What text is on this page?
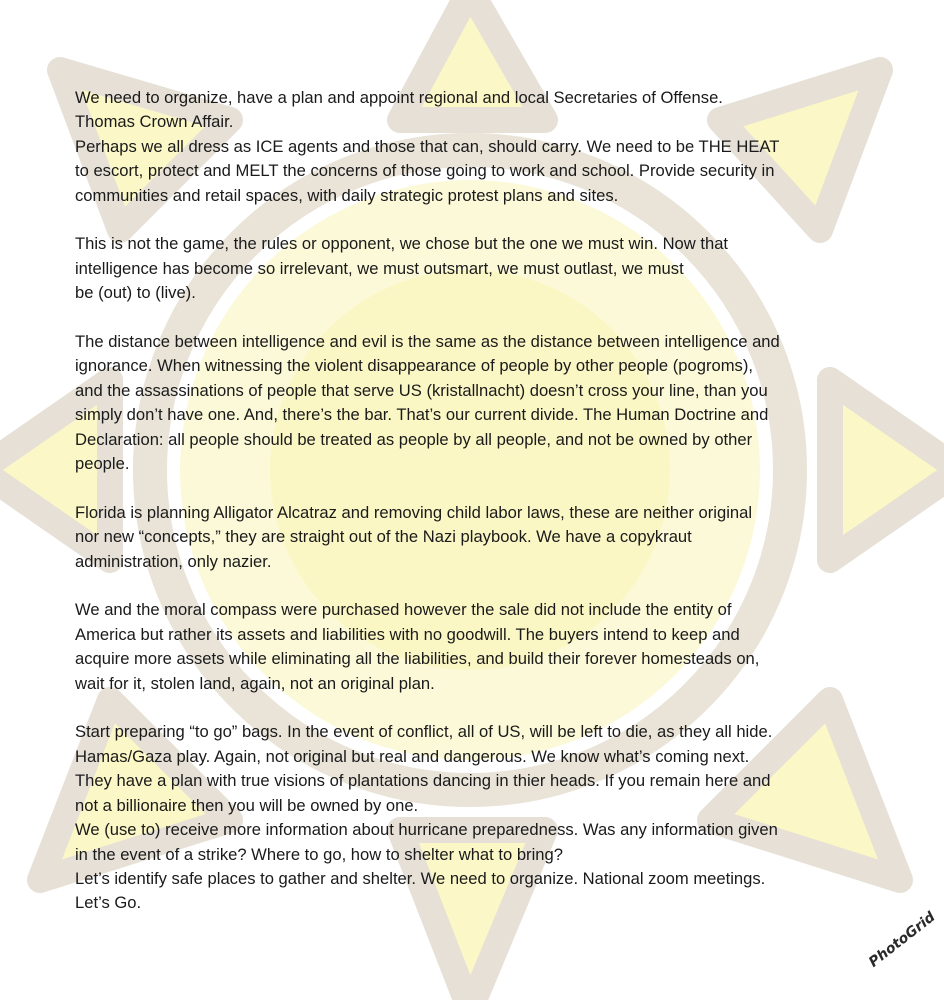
We need to organize, have a plan and appoint regional and local Secretaries of Offense.
Thomas Crown Affair.
Perhaps we all dress as ICE agents and those that can, should carry. We need to be THE HEAT
to escort, protect and MELT the concerns of those going to work and school. Provide security in
communities and retail spaces, with daily strategic protest plans and sites.

This is not the game, the rules or opponent, we chose but the one we must win. Now that
intelligence has become so irrelevant, we must outsmart, we must outlast, we must
be (out) to (live).

The distance between intelligence and evil is the same as the distance between intelligence and
ignorance. When witnessing the violent disappearance of people by other people (pogroms),
and the assassinations of people that serve US (kristallnacht) doesn’t cross your line, than you
simply don’t have one. And, there’s the bar. That’s our current divide. The Human Doctrine and
Declaration: all people should be treated as people by all people, and not be owned by other
people.

Florida is planning Alligator Alcatraz and removing child labor laws, these are neither original
nor new “concepts,” they are straight out of the Nazi playbook. We have a copykraut
administration, only nazier.

We and the moral compass were purchased however the sale did not include the entity of
America but rather its assets and liabilities with no goodwill. The buyers intend to keep and
acquire more assets while eliminating all the liabilities, and build their forever homesteads on,
wait for it, stolen land, again, not an original plan.

Start preparing “to go” bags. In the event of conflict, all of US, will be left to die, as they all hide.
Hamas/Gaza play. Again, not original but real and dangerous. We know what’s coming next.
They have a plan with true visions of plantations dancing in thier heads. If you remain here and
not a billionaire then you will be owned by one.
We (use to) receive more information about hurricane preparedness. Was any information given
in the event of a strike? Where to go, how to shelter what to bring?
Let’s identify safe places to gather and shelter. We need to organize. National zoom meetings.
Let’s Go.

PhotoGrid
